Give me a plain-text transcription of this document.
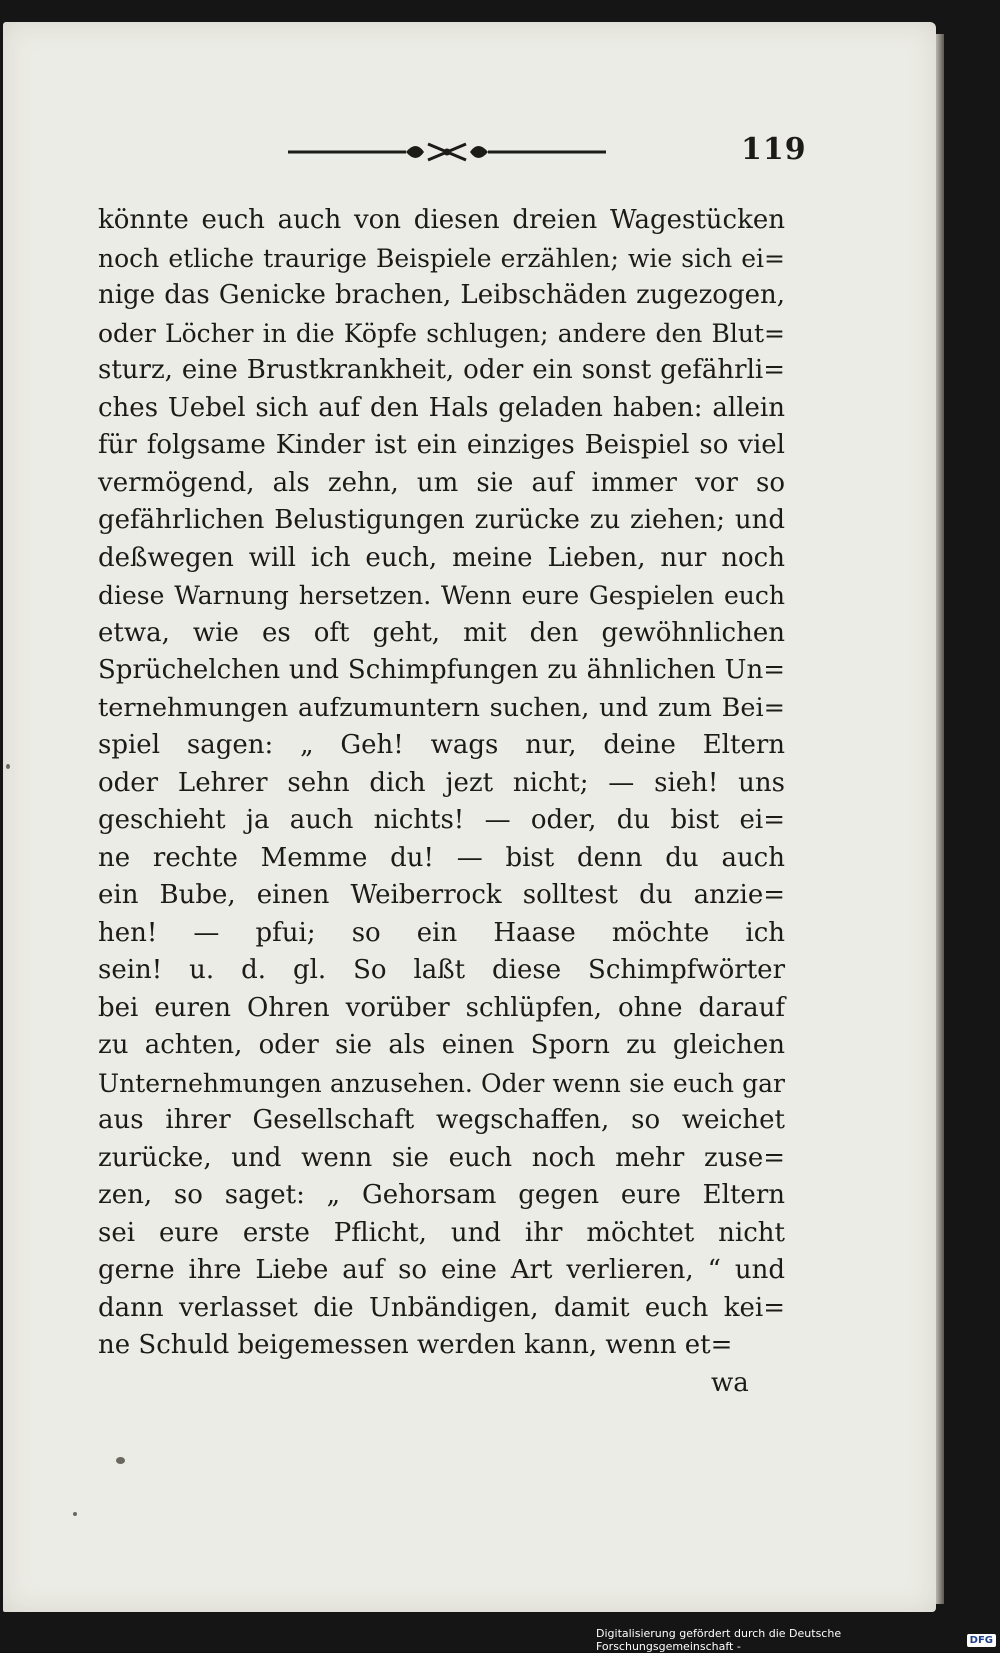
119
könnte euch auch von diesen dreien Wagestücken
noch etliche traurige Beispiele erzählen; wie sich ei=
nige das Genicke brachen, Leibschäden zugezogen,
oder Löcher in die Köpfe schlugen; andere den Blut=
sturz, eine Brustkrankheit, oder ein sonst gefährli=
ches Uebel sich auf den Hals geladen haben: allein
für folgsame Kinder ist ein einziges Beispiel so viel
vermögend, als zehn, um sie auf immer vor so
gefährlichen Belustigungen zurücke zu ziehen; und
deßwegen will ich euch, meine Lieben, nur noch
diese Warnung hersetzen. Wenn eure Gespielen euch
etwa, wie es oft geht, mit den gewöhnlichen
Sprüchelchen und Schimpfungen zu ähnlichen Un=
ternehmungen aufzumuntern suchen, und zum Bei=
spiel sagen: „ Geh! wags nur, deine Eltern
oder Lehrer sehn dich jezt nicht; — sieh! uns
geschieht ja auch nichts! — oder, du bist ei=
ne rechte Memme du! — bist denn du auch
ein Bube, einen Weiberrock solltest du anzie=
hen! — pfui; so ein Haase möchte ich
sein! u. d. gl. So laßt diese Schimpfwörter
bei euren Ohren vorüber schlüpfen, ohne darauf
zu achten, oder sie als einen Sporn zu gleichen
Unternehmungen anzusehen. Oder wenn sie euch gar
aus ihrer Gesellschaft wegschaffen, so weichet
zurücke, und wenn sie euch noch mehr zuse=
zen, so saget: „ Gehorsam gegen eure Eltern
sei eure erste Pflicht, und ihr möchtet nicht
gerne ihre Liebe auf so eine Art verlieren, “ und
dann verlasset die Unbändigen, damit euch kei=
ne Schuld beigemessen werden kann, wenn et=
wa
Digitalisierung gefördert durch die Deutsche Forschungsgemeinschaft -	DFG
